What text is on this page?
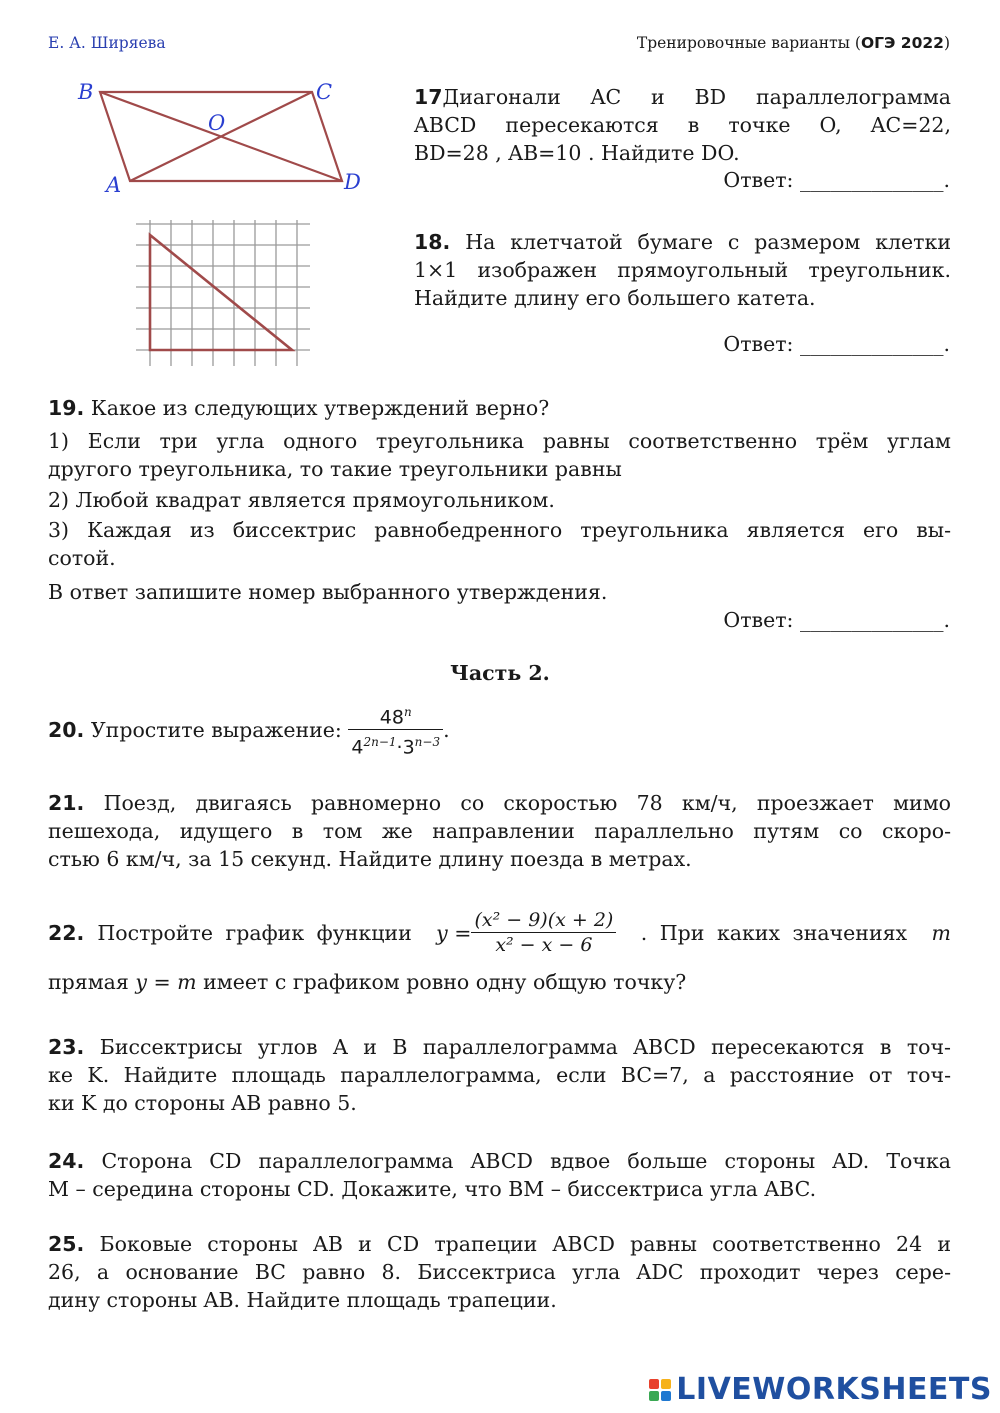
Е. А. Ширяева	Тренировочные варианты (ОГЭ 2022)
B	C
O
A	D
17Диагонали AC и BD параллелограмма
ABCD пересекаются в точке O, AC=22,
BD=28 , AB=10 . Найдите DO.
Ответ: ______________.
18. На клетчатой бумаге с размером клетки
1×1 изображен прямоугольный треугольник.
Найдите длину его большего катета.
Ответ: ______________.
19. Какое из следующих утверждений верно?
1) Если три угла одного треугольника равны соответственно трём углам
другого треугольника, то такие треугольники равны
2) Любой квадрат является прямоугольником.
3) Каждая из биссектрис равнобедренного треугольника является его вы-
сотой.
В ответ запишите номер выбранного утверждения.
Ответ: ______________.
Часть 2.
20.
Упростите выражение:
$\frac{48^n}{4^{2n-1}\cdot 3^{n-3}}$ .
21. Поезд, двигаясь равномерно со скоростью 78 км/ч, проезжает мимо
пешехода, идущего в том же направлении параллельно путям со скоро-
стью 6 км/ч, за 15 секунд. Найдите длину поезда в метрах.
22. Постройте график функции $y = \frac{\text{(x² − 9)(x + 2)}}{\text{x² − x − 6}}$ . При каких значениях m
прямая y = m имеет с графиком ровно одну общую точку?
23. Биссектрисы углов A и B параллелограмма ABCD пересекаются в точ-
ке K. Найдите площадь параллелограмма, если BC=7, а расстояние от точ-
ки K до стороны AB равно 5.
24. Сторона CD параллелограмма ABCD вдвое больше стороны AD. Точка
M – середина стороны CD. Докажите, что BM – биссектриса угла ABC.
25. Боковые стороны AB и CD трапеции ABCD равны соответственно 24 и
26, а основание BC равно 8. Биссектриса угла ADC проходит через сере-
дину стороны AB. Найдите площадь трапеции.
LIVEWORKSHEETS
